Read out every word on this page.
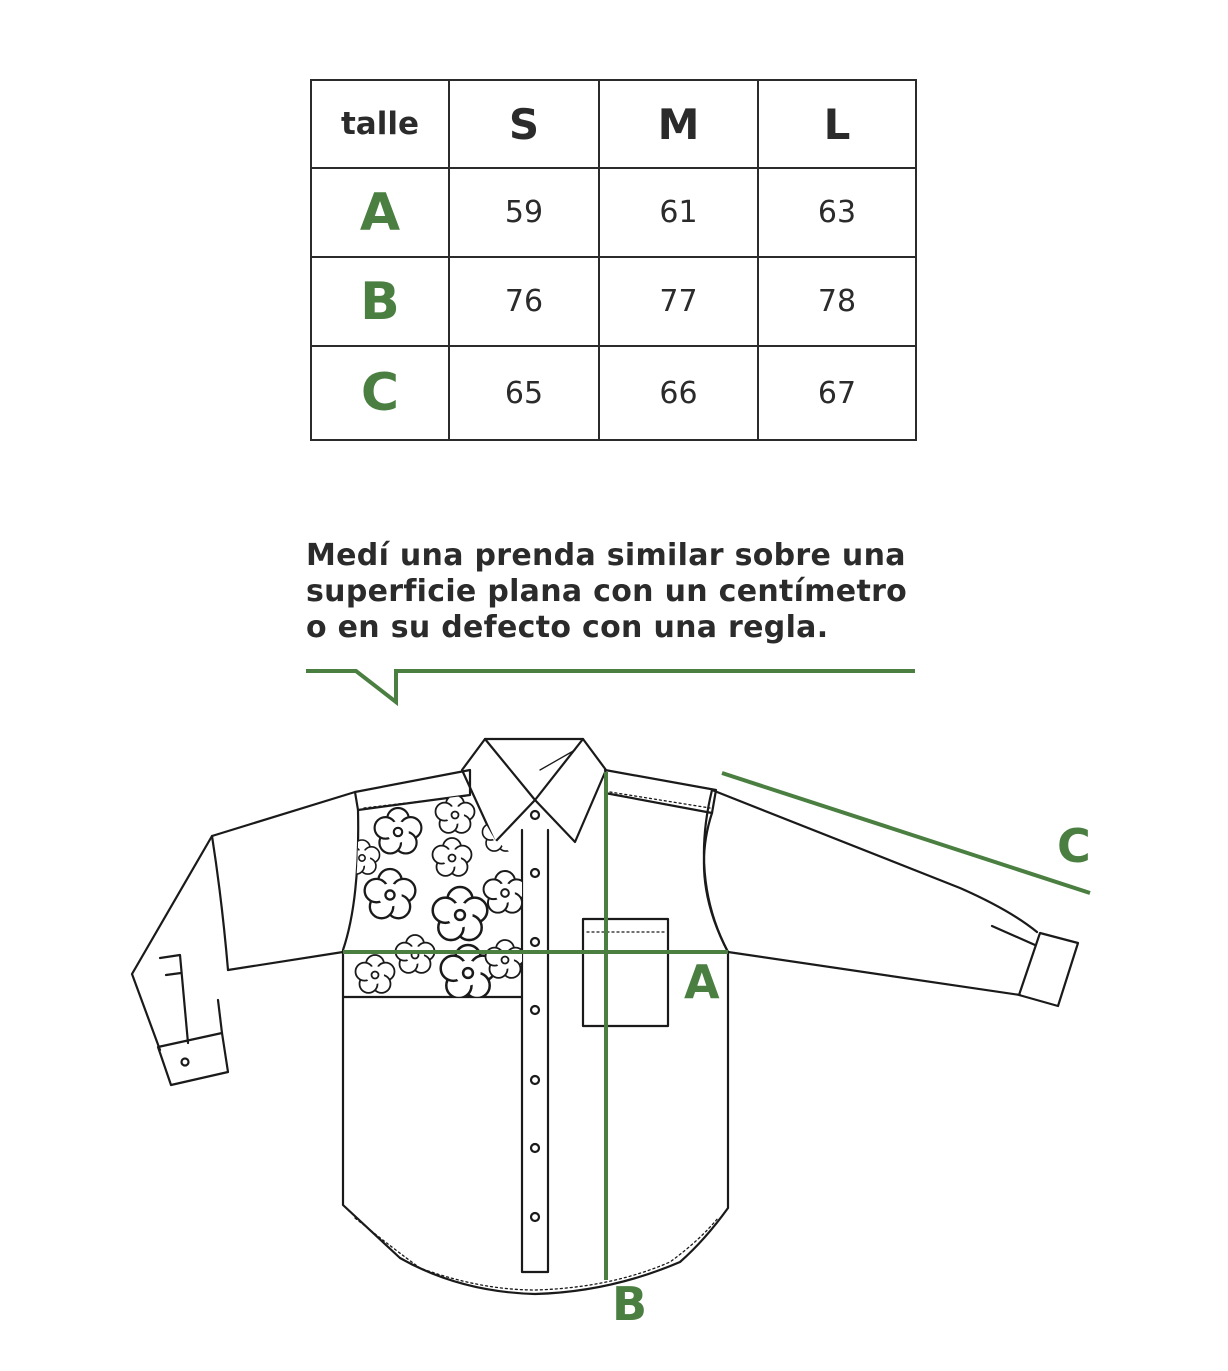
talle	S	M	L
A	59	61	63
B	76	77	78
C	65	66	67

Medí una prenda similar sobre una
superficie plana con un centímetro
o en su defecto con una regla.

A
B
C
